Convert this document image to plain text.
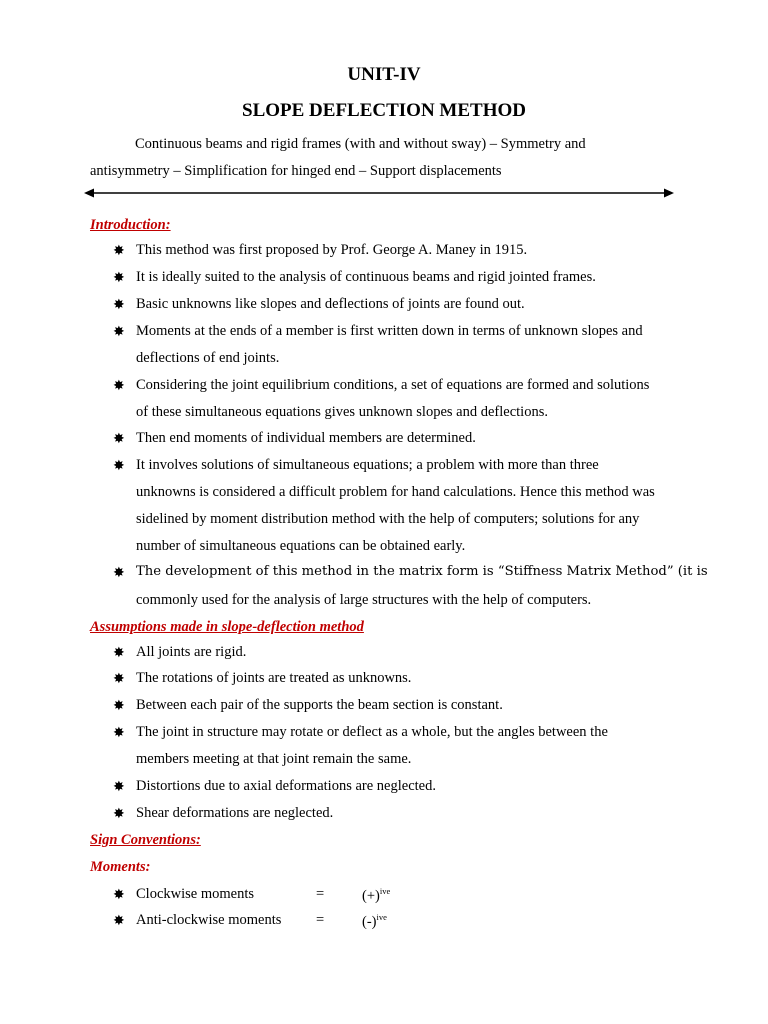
UNIT-IV
SLOPE DEFLECTION METHOD
Continuous beams and rigid frames (with and without sway) – Symmetry and
antisymmetry – Simplification for hinged end – Support displacements
Introduction:
✸ This method was first proposed by Prof. George A. Maney in 1915.
✸ It is ideally suited to the analysis of continuous beams and rigid jointed frames.
✸ Basic unknowns like slopes and deflections of joints are found out.
✸ Moments at the ends of a member is first written down in terms of unknown slopes and
deflections of end joints.
✸ Considering the joint equilibrium conditions, a set of equations are formed and solutions
of these simultaneous equations gives unknown slopes and deflections.
✸ Then end moments of individual members are determined.
✸ It involves solutions of simultaneous equations; a problem with more than three
unknowns is considered a difficult problem for hand calculations. Hence this method was
sidelined by moment distribution method with the help of computers; solutions for any
number of simultaneous equations can be obtained early.
✸ The development of this method in the matrix form is “Stiffness Matrix Method” (it is
commonly used for the analysis of large structures with the help of computers.
Assumptions made in slope-deflection method
✸ All joints are rigid.
✸ The rotations of joints are treated as unknowns.
✸ Between each pair of the supports the beam section is constant.
✸ The joint in structure may rotate or deflect as a whole, but the angles between the
members meeting at that joint remain the same.
✸ Distortions due to axial deformations are neglected.
✸ Shear deformations are neglected.
Sign Conventions:
Moments:
✸ Clockwise moments	=	$(+)^{ive}$
✸ Anti-clockwise moments =	$(-)^{ive}$
